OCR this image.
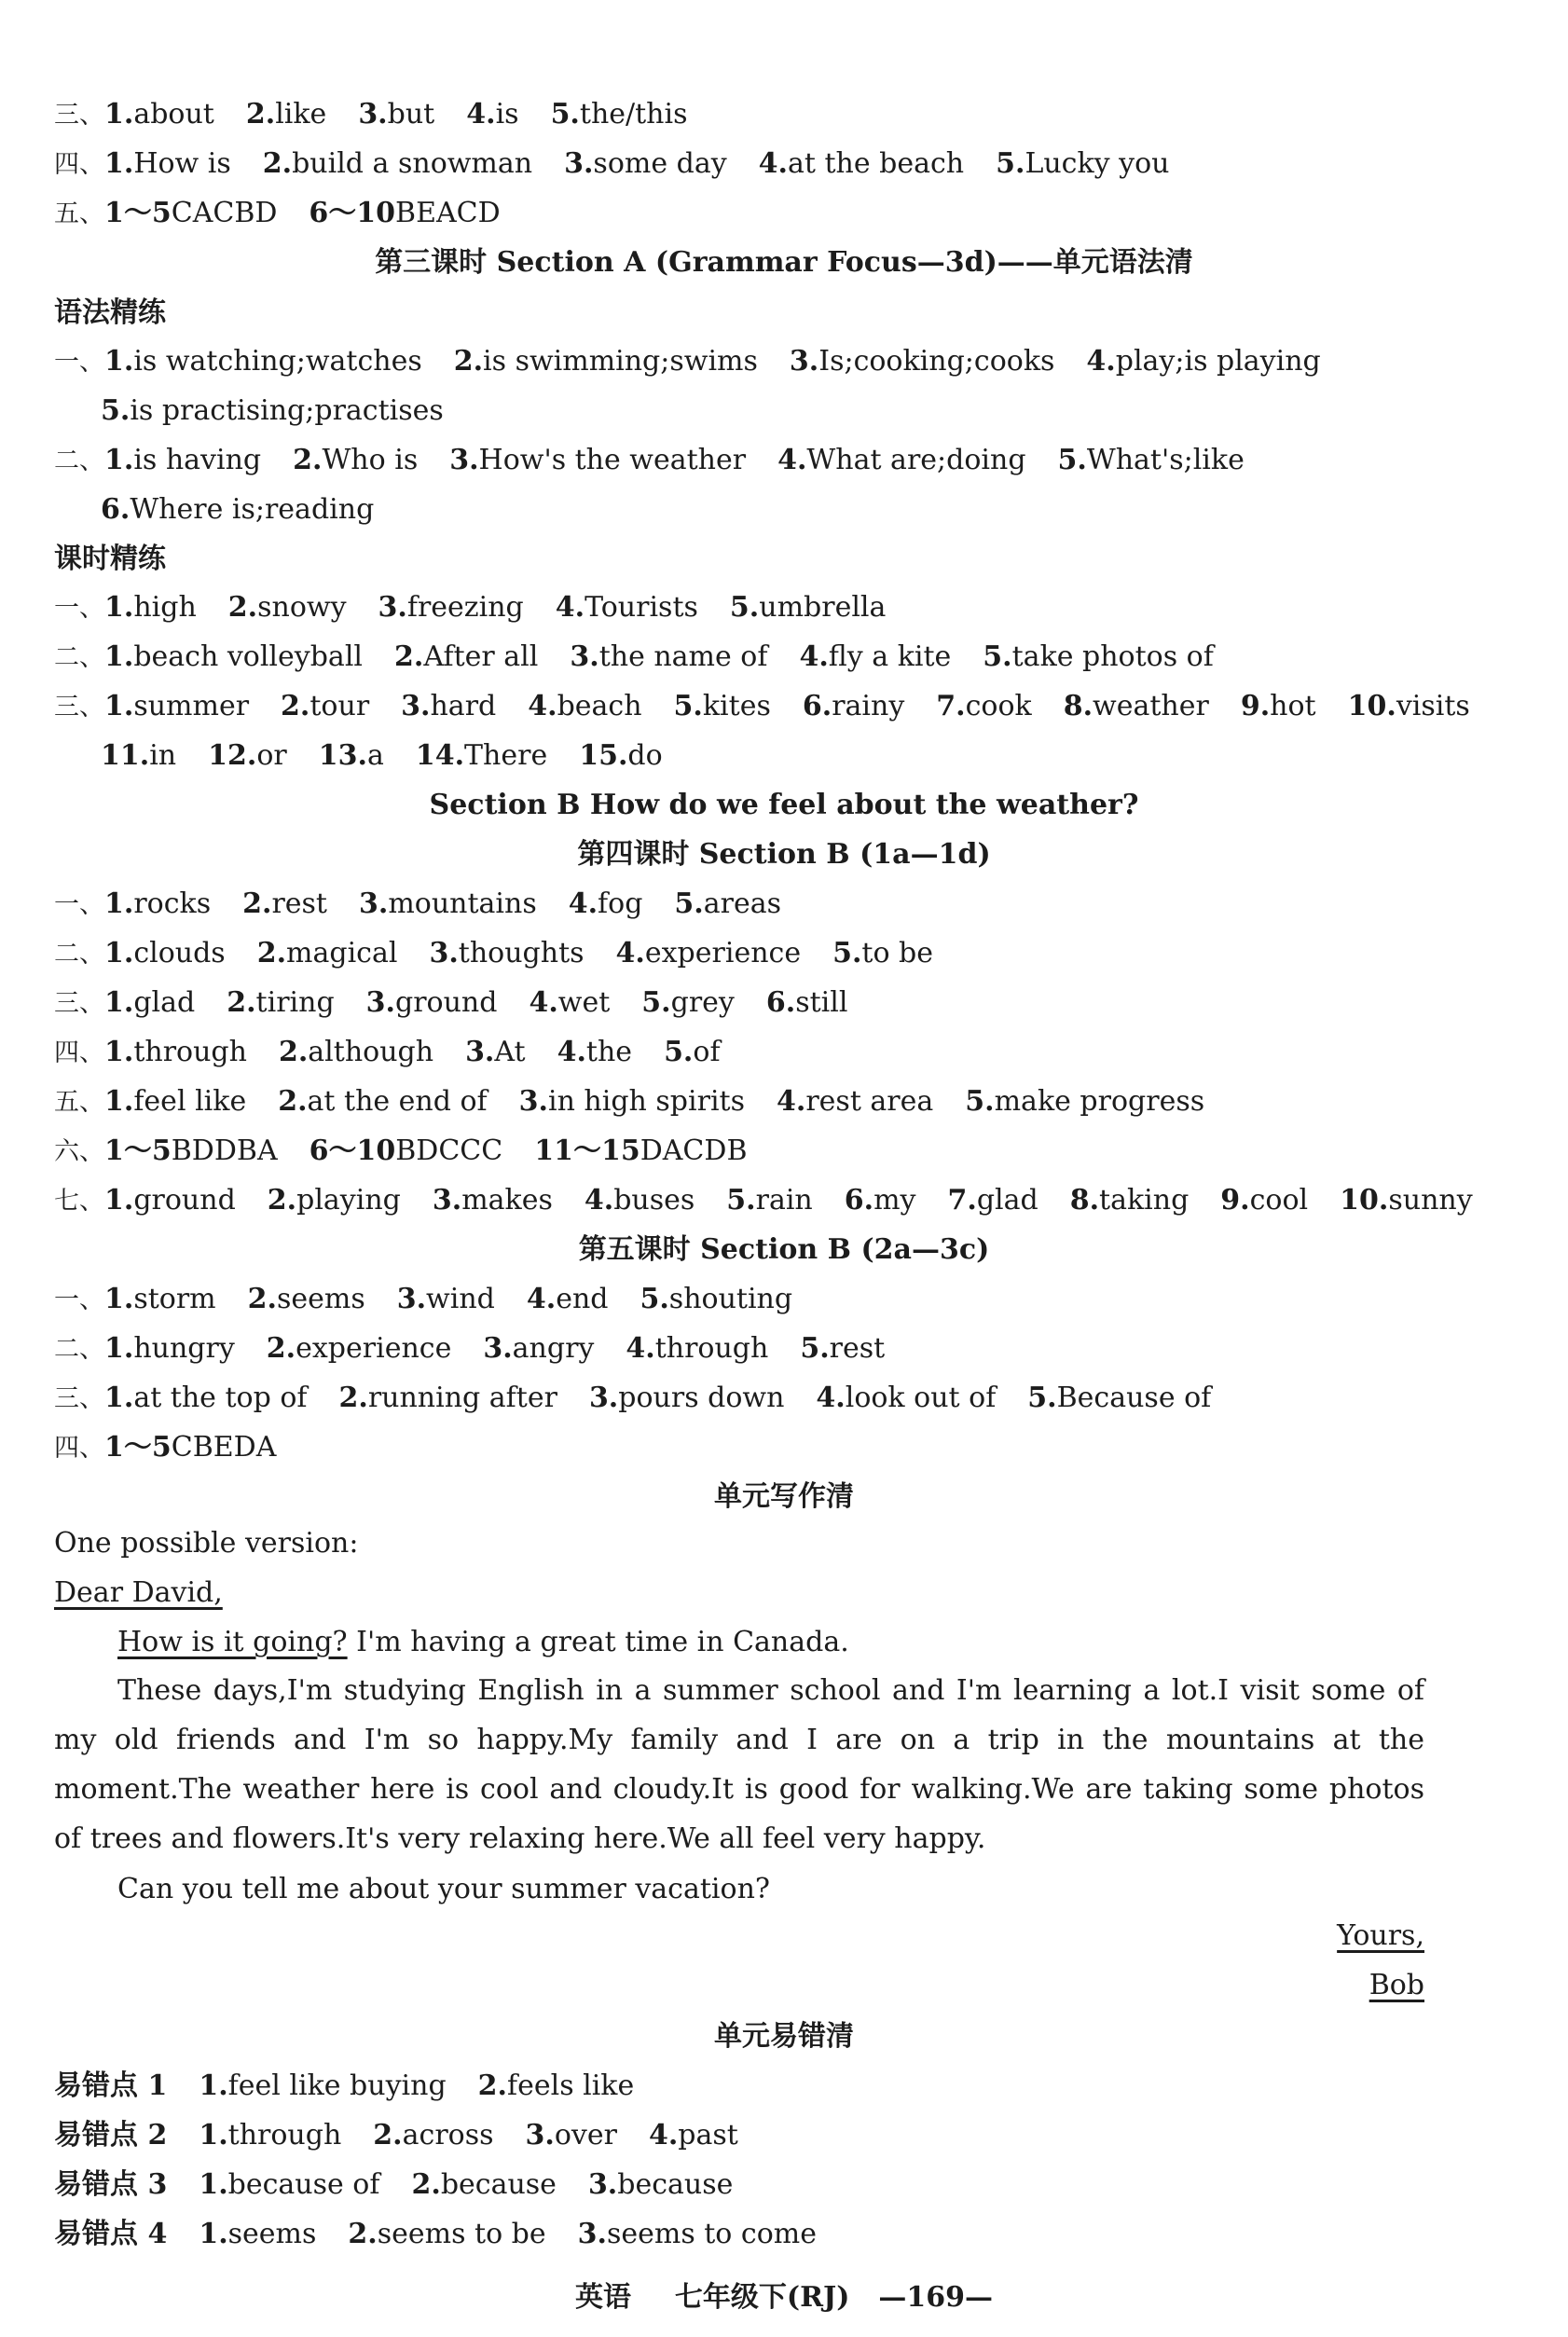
三、1.about 2.like 3.but 4.is 5.the/this
四、1.How is 2.build a snowman 3.some day 4.at the beach 5.Lucky you
五、1～5CACBD 6～10BEACD
第三课时 Section A (Grammar Focus—3d)——单元语法清
语法精练
一、1.is watching;watches 2.is swimming;swims 3.Is;cooking;cooks 4.play;is playing
5.is practising;practises
二、1.is having 2.Who is 3.How's the weather 4.What are;doing 5.What's;like
6.Where is;reading
课时精练
一、1.high 2.snowy 3.freezing 4.Tourists 5.umbrella
二、1.beach volleyball 2.After all 3.the name of 4.fly a kite 5.take photos of
三、1.summer 2.tour 3.hard 4.beach 5.kites 6.rainy 7.cook 8.weather 9.hot 10.visits
11.in 12.or 13.a 14.There 15.do
Section B How do we feel about the weather?
第四课时 Section B (1a—1d)
一、1.rocks 2.rest 3.mountains 4.fog 5.areas
二、1.clouds 2.magical 3.thoughts 4.experience 5.to be
三、1.glad 2.tiring 3.ground 4.wet 5.grey 6.still
四、1.through 2.although 3.At 4.the 5.of
五、1.feel like 2.at the end of 3.in high spirits 4.rest area 5.make progress
六、1～5BDDBA 6～10BDCCC 11～15DACDB
七、1.ground 2.playing 3.makes 4.buses 5.rain 6.my 7.glad 8.taking 9.cool 10.sunny
第五课时 Section B (2a—3c)
一、1.storm 2.seems 3.wind 4.end 5.shouting
二、1.hungry 2.experience 3.angry 4.through 5.rest
三、1.at the top of 2.running after 3.pours down 4.look out of 5.Because of
四、1～5CBEDA
单元写作清
One possible version:
Dear David,
How is it going? I'm having a great time in Canada.
These days,I'm studying English in a summer school and I'm learning a lot.I visit some of my old friends and I'm so happy.My family and I are on a trip in the mountains at the moment.The weather here is cool and cloudy.It is good for walking.We are taking some photos of trees and flowers.It's very relaxing here.We all feel very happy.
Can you tell me about your summer vacation?
Yours,
Bob
单元易错清
易错点 1 1.feel like buying 2.feels like
易错点 2 1.through 2.across 3.over 4.past
易错点 3 1.because of 2.because 3.because
易错点 4 1.seems 2.seems to be 3.seems to come
英语 七年级下(RJ) —169—
